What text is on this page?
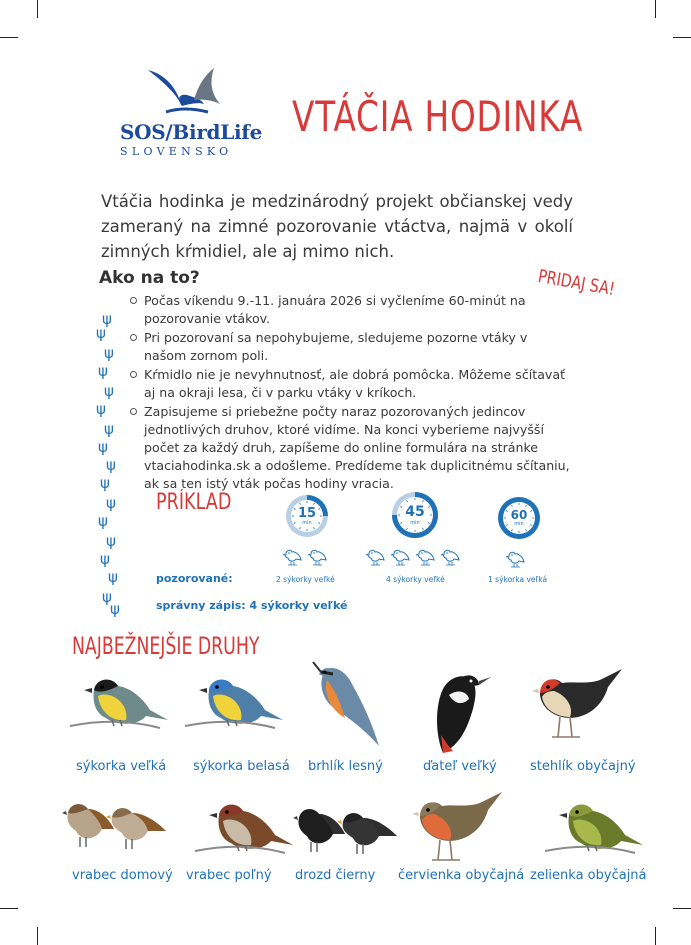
SOS/BirdLife
SLOVENSKO
VTÁČIA HODINKA

Vtáčia hodinka je medzinárodný projekt občianskej vedy zameraný na zimné pozorovanie vtáctva, najmä v okolí zimných kŕmidiel, ale aj mimo nich.

Ako na to?	PRIDAJ SA!
ψ
ψ
ψ
ψ
ψ
ψ
ψ
ψ
ψ
ψ
ψ
ψ
ψ
ψ
ψ
ψ
ψ
Počas víkendu 9.-11. januára 2026 si vyčleníme 60-minút na pozorovanie vtákov.
Pri pozorovaní sa nepohybujeme, sledujeme pozorne vtáky v našom zornom poli.
Kŕmidlo nie je nevyhnutnosť, ale dobrá pomôcka. Môžeme sčítavať aj na okraji lesa, či v parku vtáky v kríkoch.
Zapisujeme si priebežne počty naraz pozorovaných jedincov jednotlivých druhov, ktoré vidíme. Na konci vyberieme najvyšší počet za každý druh, zapíšeme do online formulára na stránke vtaciahodinka.sk a odošleme. Predídeme tak duplicitnému sčítaniu, ak sa ten istý vták počas hodiny vracia.
PRÍKLAD	15
min
45
min
60
min
pozorované:	2 sýkorky veľké	4 sýkorky veľké	1 sýkorka veľká
správny zápis: 4 sýkorky veľké
NAJBEŽNEJŠIE DRUHY
sýkorka veľká sýkorka belasá brhlík lesný	ďateľ veľký	stehlík obyčajný
vrabec domový vrabec poľný drozd čierny červienka obyčajná zelienka obyčajná
